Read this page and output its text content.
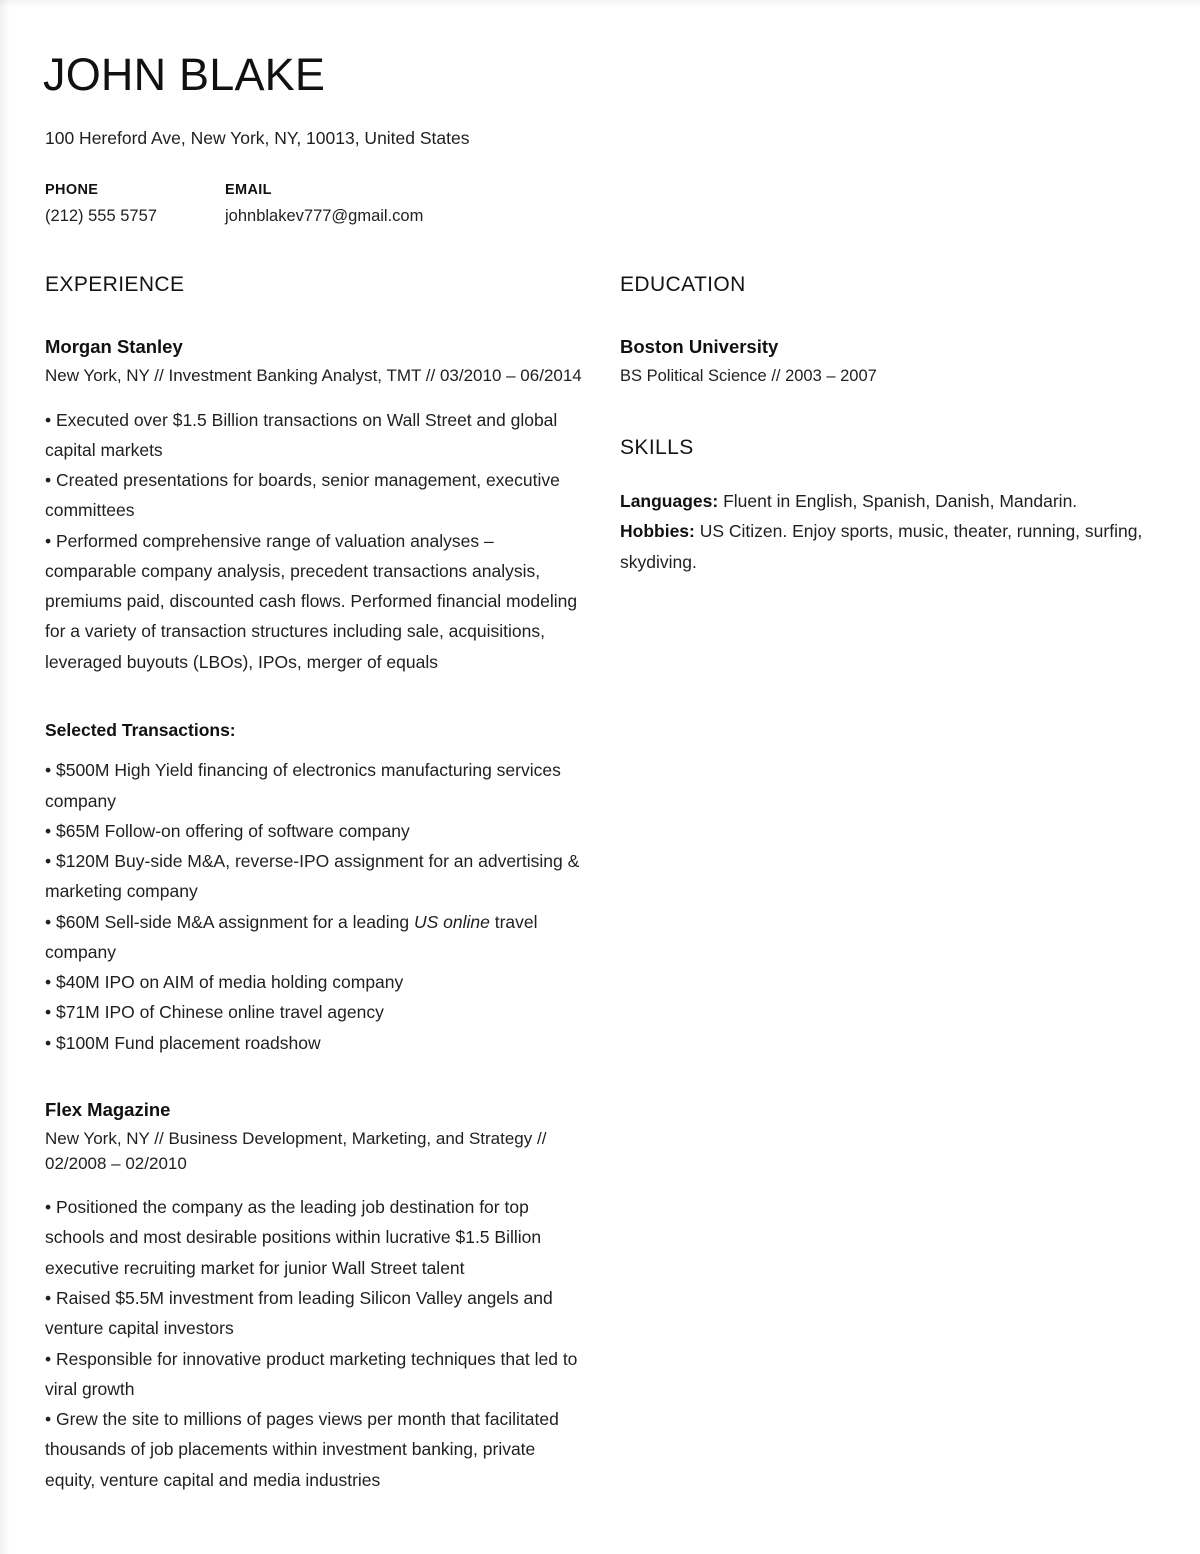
JOHN BLAKE
100 Hereford Ave, New York, NY, 10013, United States
PHONE
(212) 555 5757
EMAIL
johnblakev777@gmail.com
EXPERIENCE
Morgan Stanley
New York, NY // Investment Banking Analyst, TMT // 03/2010 – 06/2014
• Executed over $1.5 Billion transactions on Wall Street and global capital markets
• Created presentations for boards, senior management, executive committees
• Performed comprehensive range of valuation analyses – comparable company analysis, precedent transactions analysis, premiums paid, discounted cash flows. Performed financial modeling for a variety of transaction structures including sale, acquisitions, leveraged buyouts (LBOs), IPOs, merger of equals
Selected Transactions:
• $500M High Yield financing of electronics manufacturing services company
• $65M Follow-on offering of software company
• $120M Buy-side M&A, reverse-IPO assignment for an advertising & marketing company
• $60M Sell-side M&A assignment for a leading US online travel company
• $40M IPO on AIM of media holding company
• $71M IPO of Chinese online travel agency
• $100M Fund placement roadshow
Flex Magazine
New York, NY // Business Development, Marketing, and Strategy // 02/2008 – 02/2010
• Positioned the company as the leading job destination for top schools and most desirable positions within lucrative $1.5 Billion executive recruiting market for junior Wall Street talent
• Raised $5.5M investment from leading Silicon Valley angels and venture capital investors
• Responsible for innovative product marketing techniques that led to viral growth
• Grew the site to millions of pages views per month that facilitated thousands of job placements within investment banking, private equity, venture capital and media industries
EDUCATION
Boston University
BS Political Science // 2003 – 2007
SKILLS
Languages: Fluent in English, Spanish, Danish, Mandarin.
Hobbies: US Citizen. Enjoy sports, music, theater, running, surfing, skydiving.
